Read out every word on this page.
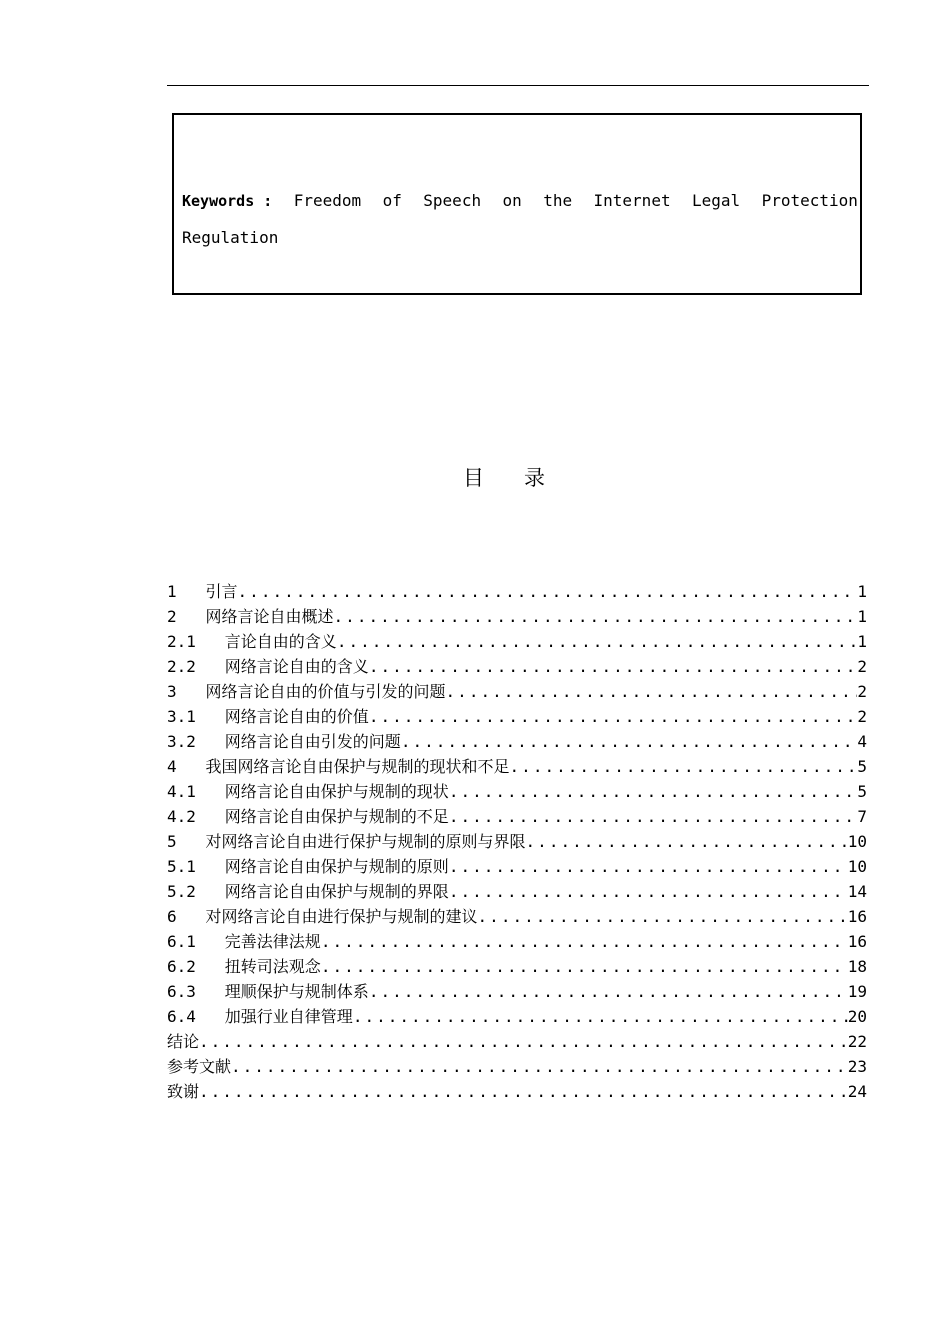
Keywords : Freedom of Speech on the Internet Legal Protection
Regulation
目      录
1 引言 .....	1
2 网络言论自由概述 .....	1
2.1 言论自由的含义 .....	1
2.2 网络言论自由的含义 .....	2
3 网络言论自由的价值与引发的问题 .....	2
3.1 网络言论自由的价值 .....	2
3.2 网络言论自由引发的问题 .....	4
4 我国网络言论自由保护与规制的现状和不足 .....	5
4.1 网络言论自由保护与规制的现状 .....	5
4.2 网络言论自由保护与规制的不足 .....	7
5 对网络言论自由进行保护与规制的原则与界限 .....	10
5.1 网络言论自由保护与规制的原则 .....	10
5.2 网络言论自由保护与规制的界限 .....	14
6 对网络言论自由进行保护与规制的建议 .....	16
6.1 完善法律法规 .....	16
6.2 扭转司法观念 .....	18
6.3 理顺保护与规制体系 .....	19
6.4 加强行业自律管理 .....	20
结论 .....	22
参考文献 .....	23
致谢 .....	24
